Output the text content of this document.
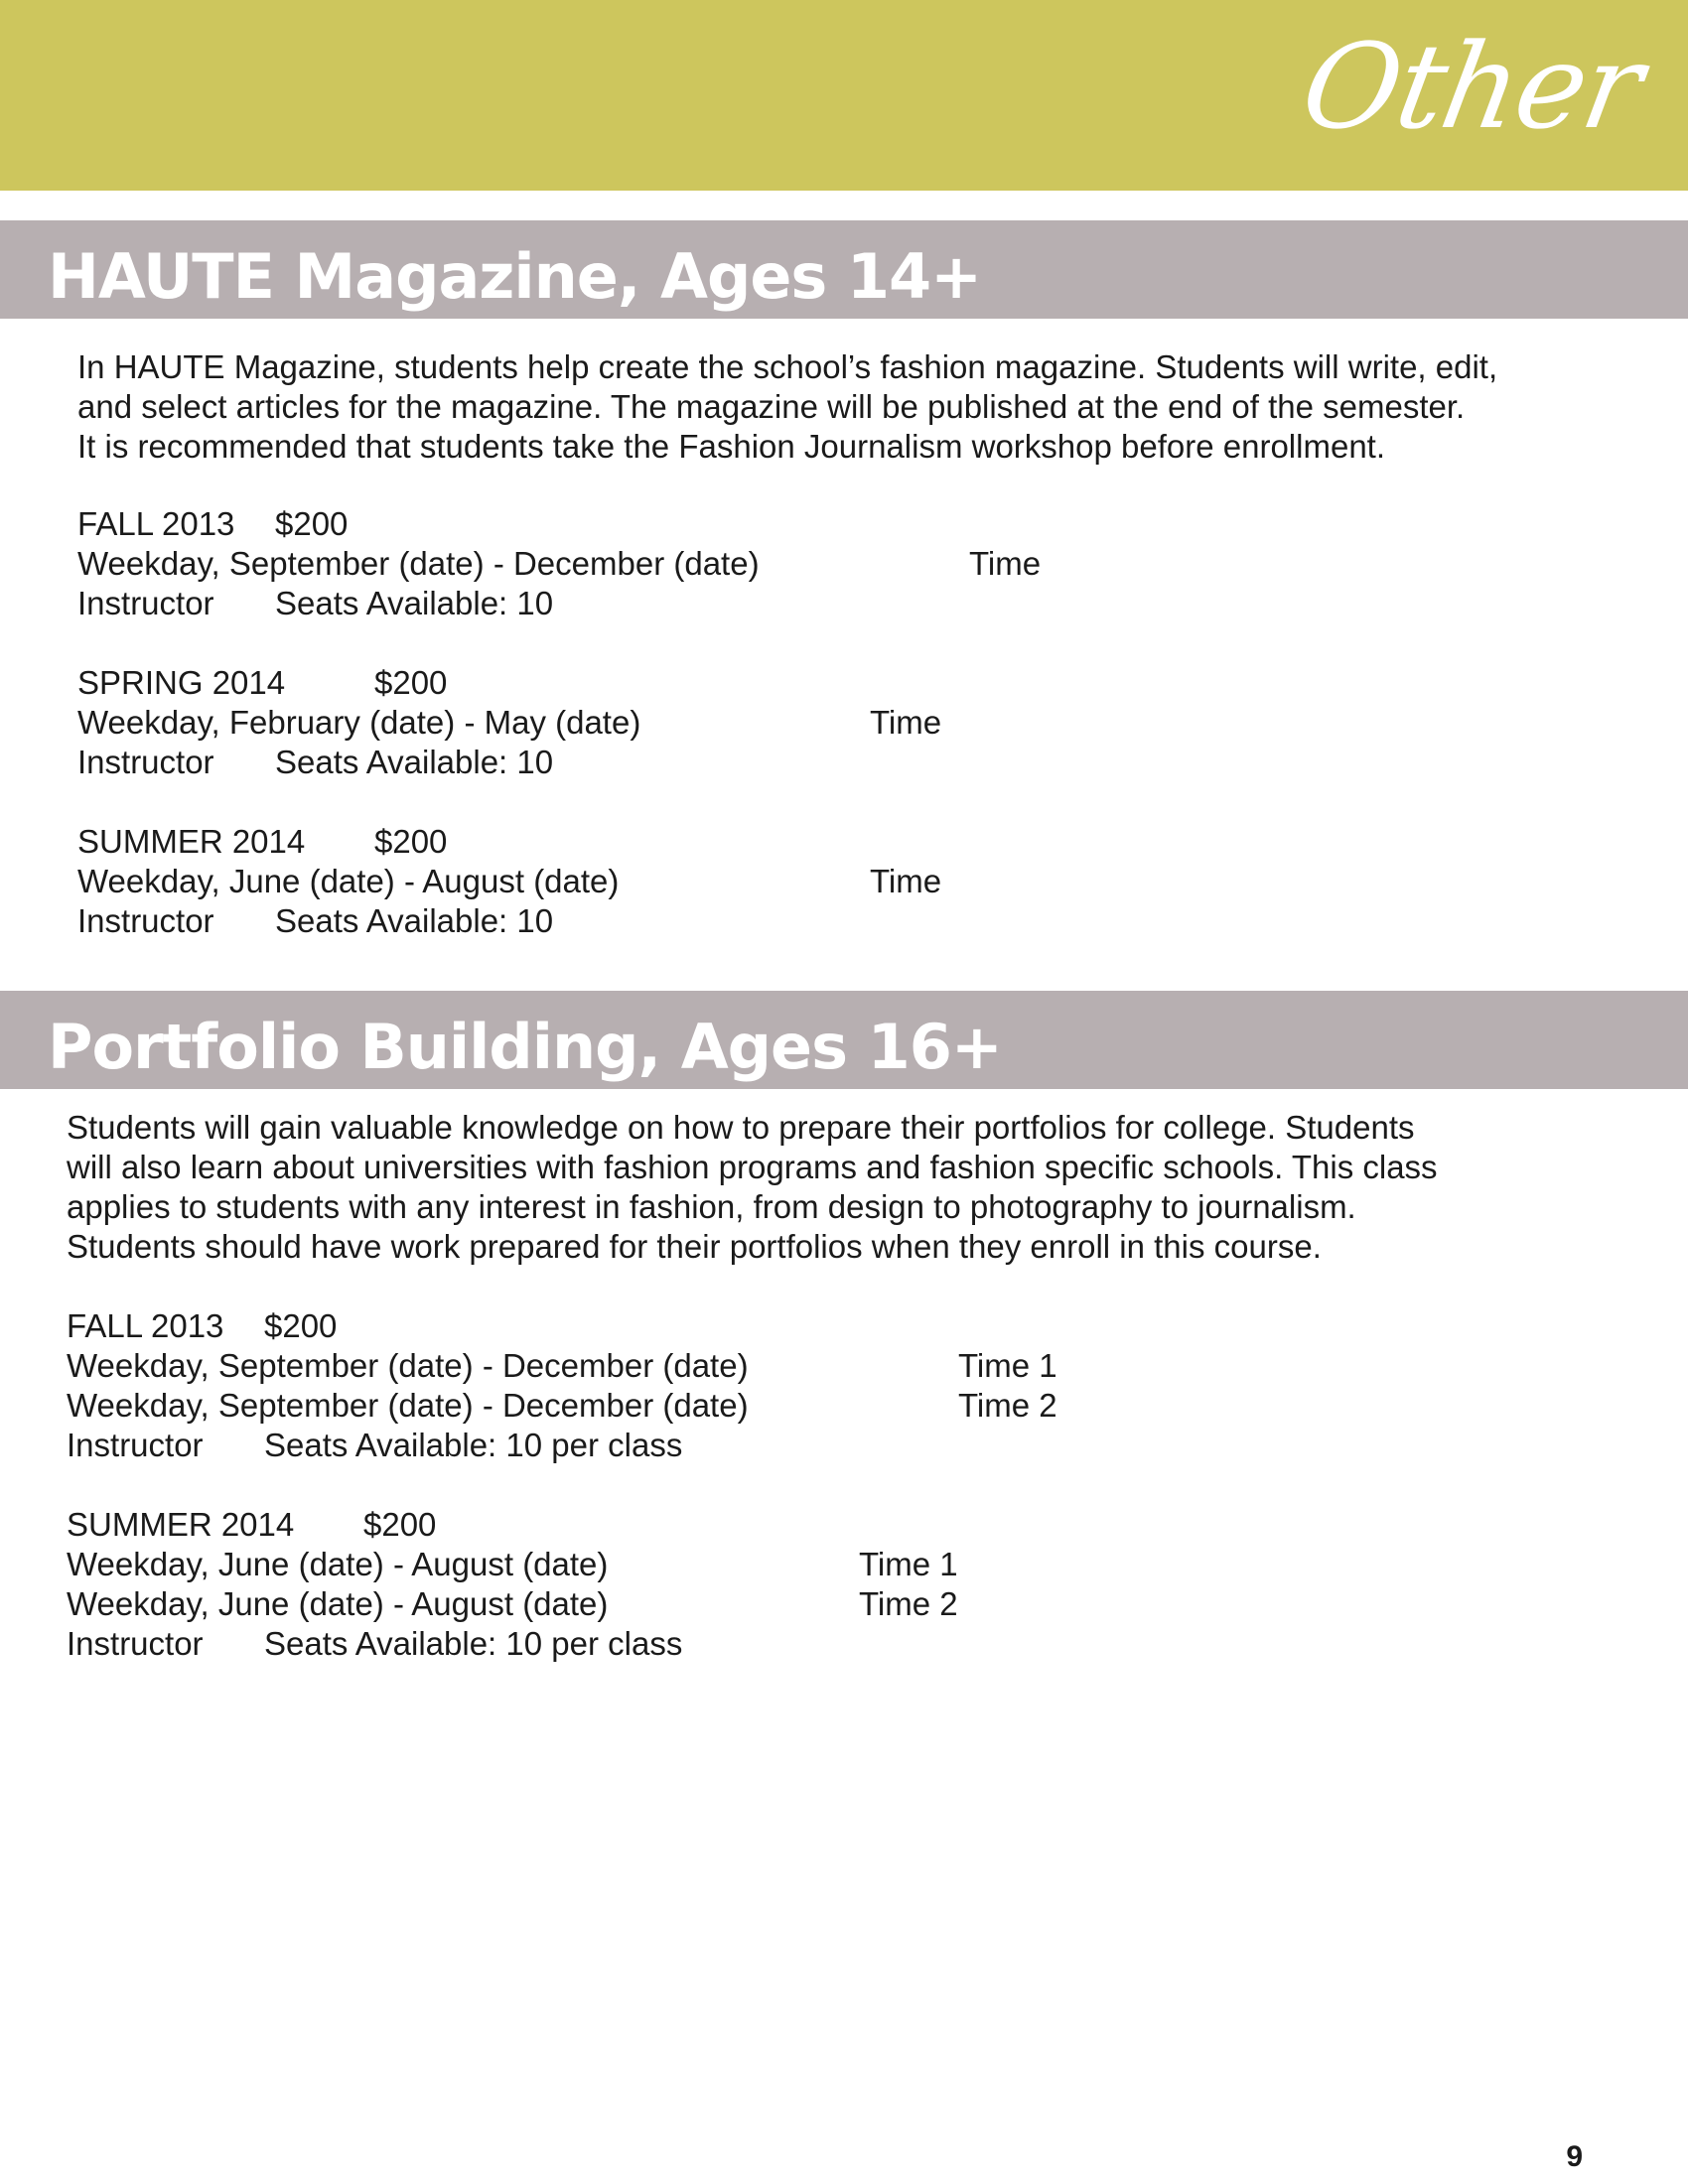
Other
HAUTE Magazine, Ages 14+

In HAUTE Magazine, students help create the school’s fashion magazine. Students will write, edit,
and select articles for the magazine. The magazine will be published at the end of the semester.
It is recommended that students take the Fashion Journalism workshop before enrollment.

FALL 2013 $200
Weekday, September (date) - December (date)	Time
Instructor Seats Available: 10
SPRING 2014	$200
Weekday, February (date) - May (date)	Time
Instructor Seats Available: 10
SUMMER 2014 $200
Weekday, June (date) - August (date)	Time
Instructor Seats Available: 10
Portfolio Building, Ages 16+

Students will gain valuable knowledge on how to prepare their portfolios for college. Students
will also learn about universities with fashion programs and fashion specific schools. This class
applies to students with any interest in fashion, from design to photography to journalism.
Students should have work prepared for their portfolios when they enroll in this course.

FALL 2013 $200
Weekday, September (date) - December (date)	Time 1
Weekday, September (date) - December (date)	Time 2
Instructor Seats Available: 10 per class
SUMMER 2014 $200
Weekday, June (date) - August (date)	Time 1
Weekday, June (date) - August (date)	Time 2
Instructor Seats Available: 10 per class
9
